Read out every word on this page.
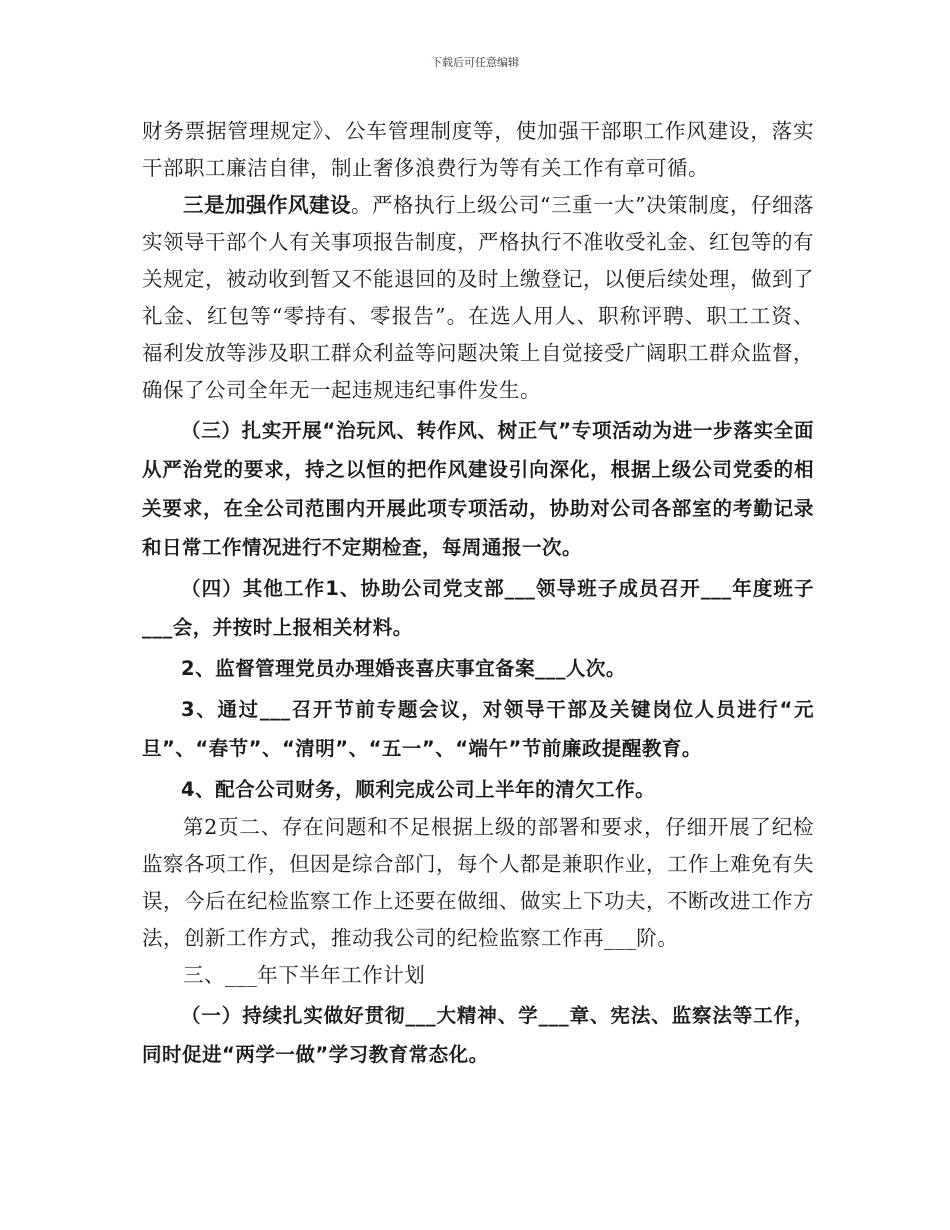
下载后可任意编辑

财务票据管理规定》、公车管理制度等，使加强干部职工作风建设，落实干部职工廉洁自律，制止奢侈浪费行为等有关工作有章可循。

三是加强作风建设。严格执行上级公司“三重一大”决策制度，仔细落实领导干部个人有关事项报告制度，严格执行不准收受礼金、红包等的有关规定，被动收到暂又不能退回的及时上缴登记，以便后续处理，做到了礼金、红包等“零持有、零报告”。在选人用人、职称评聘、职工工资、福利发放等涉及职工群众利益等问题决策上自觉接受广阔职工群众监督，确保了公司全年无一起违规违纪事件发生。

（三）扎实开展“治玩风、转作风、树正气”专项活动为进一步落实全面从严治党的要求，持之以恒的把作风建设引向深化，根据上级公司党委的相关要求，在全公司范围内开展此项专项活动，协助对公司各部室的考勤记录和日常工作情况进行不定期检查，每周通报一次。

（四）其他工作1、协助公司党支部___领导班子成员召开___年度班子___会，并按时上报相关材料。

2、监督管理党员办理婚丧喜庆事宜备案___人次。

3、通过___召开节前专题会议，对领导干部及关键岗位人员进行“元旦”、“春节”、“清明”、“五一”、“端午”节前廉政提醒教育。

4、配合公司财务，顺利完成公司上半年的清欠工作。

第2页二、存在问题和不足根据上级的部署和要求，仔细开展了纪检监察各项工作，但因是综合部门，每个人都是兼职作业，工作上难免有失误，今后在纪检监察工作上还要在做细、做实上下功夫，不断改进工作方法，创新工作方式，推动我公司的纪检监察工作再___阶。

三、___年下半年工作计划

（一）持续扎实做好贯彻___大精神、学___章、宪法、监察法等工作，同时促进“两学一做”学习教育常态化。
